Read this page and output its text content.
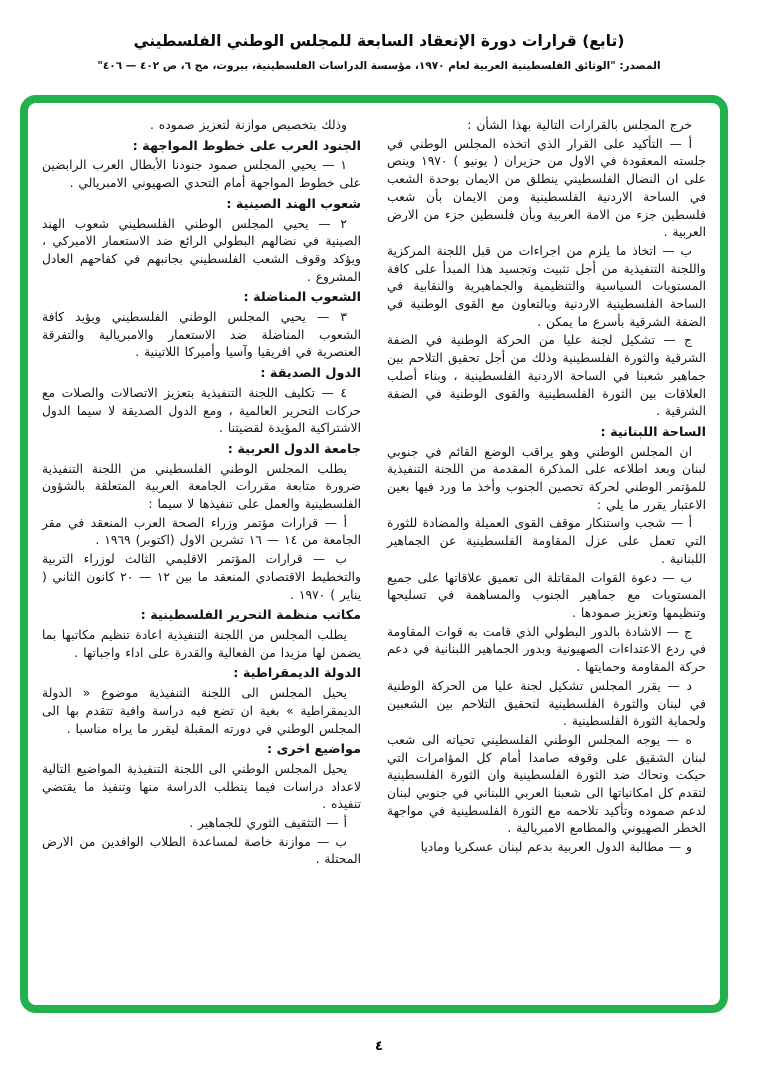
(تابع) قرارات دورة الإنعقاد السابعة للمجلس الوطني الفلسطيني
المصدر: "الوثائق الفلسطينية العربية لعام ١٩٧٠، مؤسسة الدراسات الفلسطينية، بيروت، مج ٦، ص ٤٠٢ — ٤٠٦"
خرج المجلس بالقرارات التالية بهذا الشأن :
أ — التأكيد على القرار الذي اتخذه المجلس الوطني في جلسته المعقودة في الاول من حزيران ( يونيو ) ١٩٧٠ وينص على ان النضال الفلسطيني ينطلق من الايمان بوحدة الشعب في الساحة الاردنية الفلسطينية ومن الايمان بأن شعب فلسطين جزء من الامة العربية وبأن فلسطين جزء من الارض العربية .
ب — اتخاذ ما يلزم من اجراءات من قبل اللجنة المركزية واللجنة التنفيذية من أجل تثبيت وتجسيد هذا المبدأ على كافة المستويات السياسية والتنظيمية والجماهيرية والنقابية في الساحة الفلسطينية الاردنية وبالتعاون مع القوى الوطنية في الضفة الشرقية بأسرع ما يمكن .
ج — تشكيل لجنة عليا من الحركة الوطنية في الضفة الشرقية والثورة الفلسطينية وذلك من أجل تحقيق التلاحم بين جماهير شعبنا في الساحة الاردنية الفلسطينية ، وبناء أصلب العلاقات بين الثورة الفلسطينية والقوى الوطنية في الضفة الشرقية .
الساحة اللبنانية :
ان المجلس الوطني وهو يراقب الوضع القائم في جنوبي لبنان وبعد اطلاعه على المذكرة المقدمة من اللجنة التنفيذية للمؤتمر الوطني لحركة تحصين الجنوب وأخذ ما ورد فيها بعين الاعتبار يقرر ما يلي :
أ — شجب واستنكار موقف القوى العميلة والمضادة للثورة التي تعمل على عزل المقاومة الفلسطينية عن الجماهير اللبنانية .
ب — دعوة القوات المقاتلة الى تعميق علاقاتها على جميع المستويات مع جماهير الجنوب والمساهمة في تسليحها وتنظيمها وتعزيز صمودها .
ج — الاشادة بالدور البطولي الذي قامت به قوات المقاومة في ردع الاعتداءات الصهيونية وبدور الجماهير اللبنانية في دعم حركة المقاومة وحمايتها .
د — يقرر المجلس تشكيل لجنة عليا من الحركة الوطنية في لبنان والثورة الفلسطينية لتحقيق التلاحم بين الشعبين ولحماية الثورة الفلسطينية .
ه — يوجه المجلس الوطني الفلسطيني تحياته الى شعب لبنان الشقيق على وقوفه صامدا أمام كل المؤامرات التي حيكت وتحاك ضد الثورة الفلسطينية وان الثورة الفلسطينية لتقدم كل امكانياتها الى شعبنا العربي اللبناني في جنوبي لبنان لدعم صموده وتأكيد تلاحمه مع الثورة الفلسطينية في مواجهة الخطر الصهيوني والمطامع الامبريالية .
و — مطالبة الدول العربية بدعم لبنان عسكريا وماديا
وذلك بتخصيص موازنة لتعزيز صموده .
الجنود العرب على خطوط المواجهة :
١ — يحيي المجلس صمود جنودنا الأبطال العرب الرابضين على خطوط المواجهة أمام التحدي الصهيوني الامبريالي .
شعوب الهند الصينية :
٢ — يحيي المجلس الوطني الفلسطيني شعوب الهند الصينية في نضالهم البطولي الرائع ضد الاستعمار الاميركي ، ويؤكد وقوف الشعب الفلسطيني بجانبهم في كفاحهم العادل المشروع .
الشعوب المناضلة :
٣ — يحيي المجلس الوطني الفلسطيني ويؤيد كافة الشعوب المناضلة ضد الاستعمار والامبريالية والتفرقة العنصرية في افريقيا وآسيا وأميركا اللاتينية .
الدول الصديقة :
٤ — تكليف اللجنة التنفيذية بتعزيز الاتصالات والصلات مع حركات التحرير العالمية ، ومع الدول الصديقة لا سيما الدول الاشتراكية المؤيدة لقضيتنا .
جامعة الدول العربية :
يطلب المجلس الوطني الفلسطيني من اللجنة التنفيذية ضرورة متابعة مقررات الجامعة العربية المتعلقة بالشؤون الفلسطينية والعمل على تنفيذها لا سيما :
أ — قرارات مؤتمر وزراء الصحة العرب المنعقد في مقر الجامعة من ١٤ — ١٦ تشرين الاول (اكتوبر) ١٩٦٩ .
ب — قرارات المؤتمر الاقليمي الثالث لوزراء التربية والتخطيط الاقتصادي المنعقد ما بين ١٢ — ٢٠ كانون الثاني ( يناير ) ١٩٧٠ .
مكاتب منظمة التحرير الفلسطينية :
يطلب المجلس من اللجنة التنفيذية اعادة تنظيم مكاتبها بما يضمن لها مزيدا من الفعالية والقدرة على اداء واجباتها .
الدولة الديمقراطية :
يحيل المجلس الى اللجنة التنفيذية موضوع « الدولة الديمقراطية » بغية ان تضع فيه دراسة وافية تتقدم بها الى المجلس الوطني في دورته المقبلة ليقرر ما يراه مناسبا .
مواضيع اخرى :
يحيل المجلس الوطني الى اللجنة التنفيذية المواضيع التالية لاعداد دراسات فيما يتطلب الدراسة منها وتنفيذ ما يقتضي تنفيذه .
أ — التثقيف الثوري للجماهير .
ب — موازنة خاصة لمساعدة الطلاب الوافدين من الارض المحتلة .
٤
